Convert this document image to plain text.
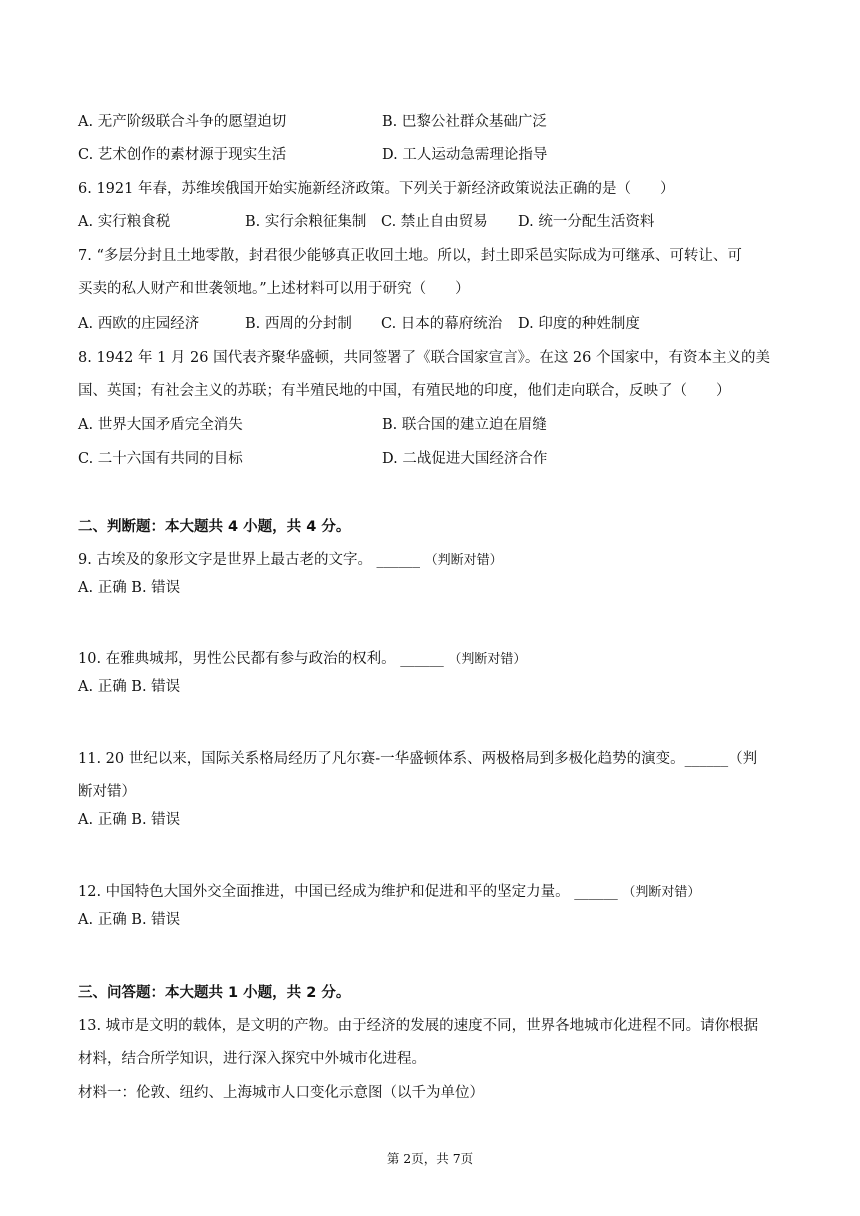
A. 无产阶级联合斗争的愿望迫切	B. 巴黎公社群众基础广泛
C. 艺术创作的素材源于现实生活	D. 工人运动急需理论指导
6. 1921 年春，苏维埃俄国开始实施新经济政策。下列关于新经济政策说法正确的是（　　）
A. 实行粮食税	B. 实行余粮征集制 C. 禁止自由贸易 D. 统一分配生活资料
7. “多层分封且土地零散，封君很少能够真正收回土地。所以，封土即采邑实际成为可继承、可转让、可
买卖的私人财产和世袭领地。”上述材料可以用于研究（　　）
A. 西欧的庄园经济	B. 西周的分封制 C. 日本的幕府统治 D. 印度的种姓制度
8. 1942 年 1 月 26 国代表齐聚华盛顿，共同签署了《联合国家宣言》。在这 26 个国家中，有资本主义的美
国、英国；有社会主义的苏联；有半殖民地的中国，有殖民地的印度，他们走向联合，反映了（　　）
A. 世界大国矛盾完全消失	B. 联合国的建立迫在眉缝
C. 二十六国有共同的目标	D. 二战促进大国经济合作
二、判断题：本大题共 4 小题，共 4 分。
9. 古埃及的象形文字是世界上最古老的文字。 ______ （判断对错）
A. 正确 B. 错误
10. 在雅典城邦，男性公民都有参与政治的权利。 ______ （判断对错）
A. 正确 B. 错误
11. 20 世纪以来，国际关系格局经历了凡尔赛-一华盛顿体系、两极格局到多极化趋势的演变。______（判
断对错）
A. 正确 B. 错误
12. 中国特色大国外交全面推进，中国已经成为维护和促进和平的坚定力量。 ______ （判断对错）
A. 正确 B. 错误
三、问答题：本大题共 1 小题，共 2 分。
13. 城市是文明的载体，是文明的产物。由于经济的发展的速度不同，世界各地城市化进程不同。请你根据
材料，结合所学知识，进行深入探究中外城市化进程。
材料一：伦敦、纽约、上海城市人口变化示意图（以千为单位）
第 2页，共 7页
